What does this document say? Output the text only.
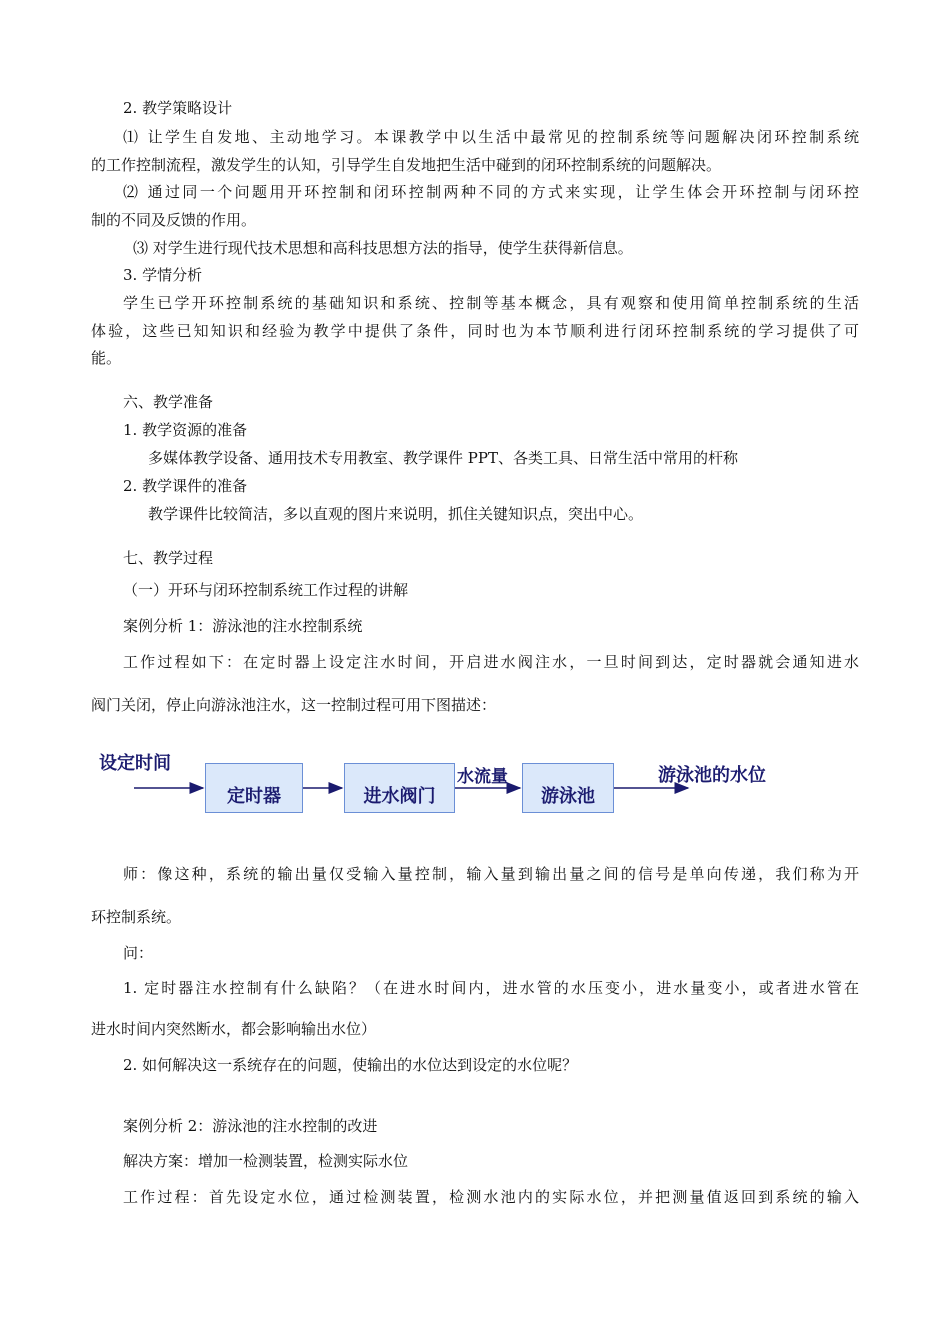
2. 教学策略设计
⑴ 让学生自发地、主动地学习。本课教学中以生活中最常见的控制系统等问题解决闭环控制系统
的工作控制流程，激发学生的认知，引导学生自发地把生活中碰到的闭环控制系统的问题解决。
⑵ 通过同一个问题用开环控制和闭环控制两种不同的方式来实现，让学生体会开环控制与闭环控
制的不同及反馈的作用。
⑶ 对学生进行现代技术思想和高科技思想方法的指导，使学生获得新信息。
3. 学情分析
学生已学开环控制系统的基础知识和系统、控制等基本概念，具有观察和使用简单控制系统的生活
体验，这些已知知识和经验为教学中提供了条件，同时也为本节顺利进行闭环控制系统的学习提供了可
能。
六、教学准备
1. 教学资源的准备
多媒体教学设备、通用技术专用教室、教学课件 PPT、各类工具、日常生活中常用的杆称
2. 教学课件的准备
教学课件比较简洁，多以直观的图片来说明，抓住关键知识点，突出中心。
七、教学过程
（一）开环与闭环控制系统工作过程的讲解
案例分析 1：游泳池的注水控制系统
工作过程如下：在定时器上设定注水时间，开启进水阀注水，一旦时间到达，定时器就会通知进水
阀门关闭，停止向游泳池注水，这一控制过程可用下图描述：
设定时间
定时器	进水阀门
水流量
游泳池
游泳池的水位
师：像这种，系统的输出量仅受输入量控制，输入量到输出量之间的信号是单向传递，我们称为开
环控制系统。
问：
1. 定时器注水控制有什么缺陷？（在进水时间内，进水管的水压变小，进水量变小，或者进水管在
进水时间内突然断水，都会影响输出水位）
2. 如何解决这一系统存在的问题，使输出的水位达到设定的水位呢？
案例分析 2：游泳池的注水控制的改进
解决方案：增加一检测装置，检测实际水位
工作过程：首先设定水位，通过检测装置，检测水池内的实际水位，并把测量值返回到系统的输入
